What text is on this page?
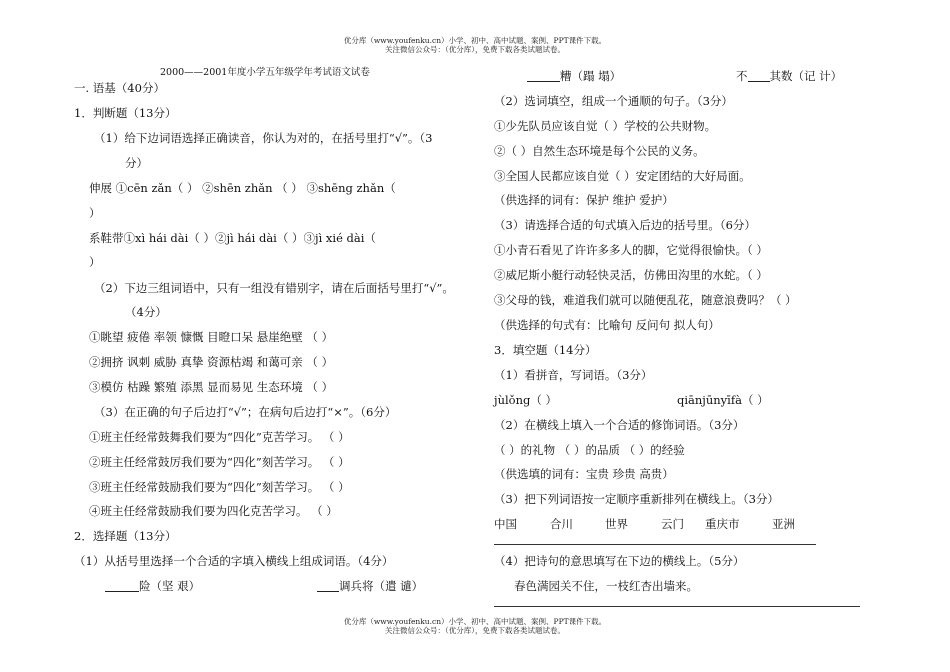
优分库（www.youfenku.cn）小学、初中、高中试题、案例、PPT课件下载。
关注微信公众号：（优分库），免费下载各类试题试卷。
2000——2001年度小学五年级学年考试语文试卷
一. 语基（40分）
1．判断题（13分）
（1）给下边词语选择正确读音，你认为对的，在括号里打“√”。（3
分）
伸展 ①cēn zǎn（ ） ②shēn zhǎn （ ） ③shēng zhǎn（
）
系鞋带①xì hái dài（ ）②jì hái dài（ ）③jì xié dài（
）
（2）下边三组词语中，只有一组没有错别字，请在后面括号里打“√”。
（4分）
①眺望 疲倦 率领 慷慨 目瞪口呆 悬崖绝壁 （ ）
②拥挤 讽刺 威胁 真挚 资源枯竭 和蔼可亲 （ ）
③模仿 枯躁 繁殖 添黑 显而易见 生态环境 （ ）
（3）在正确的句子后边打“√”；在病句后边打“×”。（6分）
①班主任经常鼓舞我们要为“四化”克苦学习。 （ ）
②班主任经常鼓厉我们要为“四化”刻苦学习。 （ ）
③班主任经常鼓励我们要为“四化”刻苦学习。 （ ）
④班主任经常鼓励我们要为四化克苦学习。 （ ）
2．选择题（13分）
（1）从括号里选择一个合适的字填入横线上组成词语。（4分）
险（坚 艰）	调兵将（遣 谴）
糟（蹋 塌）	不 其数（记 计）
（2）选词填空，组成一个通顺的句子。（3分）
①少先队员应该自觉（ ）学校的公共财物。
②（ ）自然生态环境是每个公民的义务。
③全国人民都应该自觉（ ）安定团结的大好局面。
（供选择的词有：保护 维护 爱护）
（3）请选择合适的句式填入后边的括号里。（6分）
①小青石看见了许许多多人的脚，它觉得很愉快。（ ）
②威尼斯小艇行动轻快灵活，仿佛田沟里的水蛇。（ ）
③父母的钱，难道我们就可以随便乱花，随意浪费吗？（ ）
（供选择的句式有：比喻句 反问句 拟人句）
3．填空题（14分）
（1）看拼音，写词语。（3分）
jùlǒng（ ）	qiānjūnyīfà（ ）
（2）在横线上填入一个合适的修饰词语。（3分）
（ ）的礼物 （ ）的品质 （ ）的经验
（供选填的词有：宝贵 珍贵 高贵）
（3）把下列词语按一定顺序重新排列在横线上。（3分）
中国	合川	世界	云门 重庆市	亚洲
（4）把诗句的意思填写在下边的横线上。（5分）
春色满园关不住，一枝红杏出墙来。
优分库（www.youfenku.cn）小学、初中、高中试题、案例、PPT课件下载。
关注微信公众号：（优分库），免费下载各类试题试卷。
